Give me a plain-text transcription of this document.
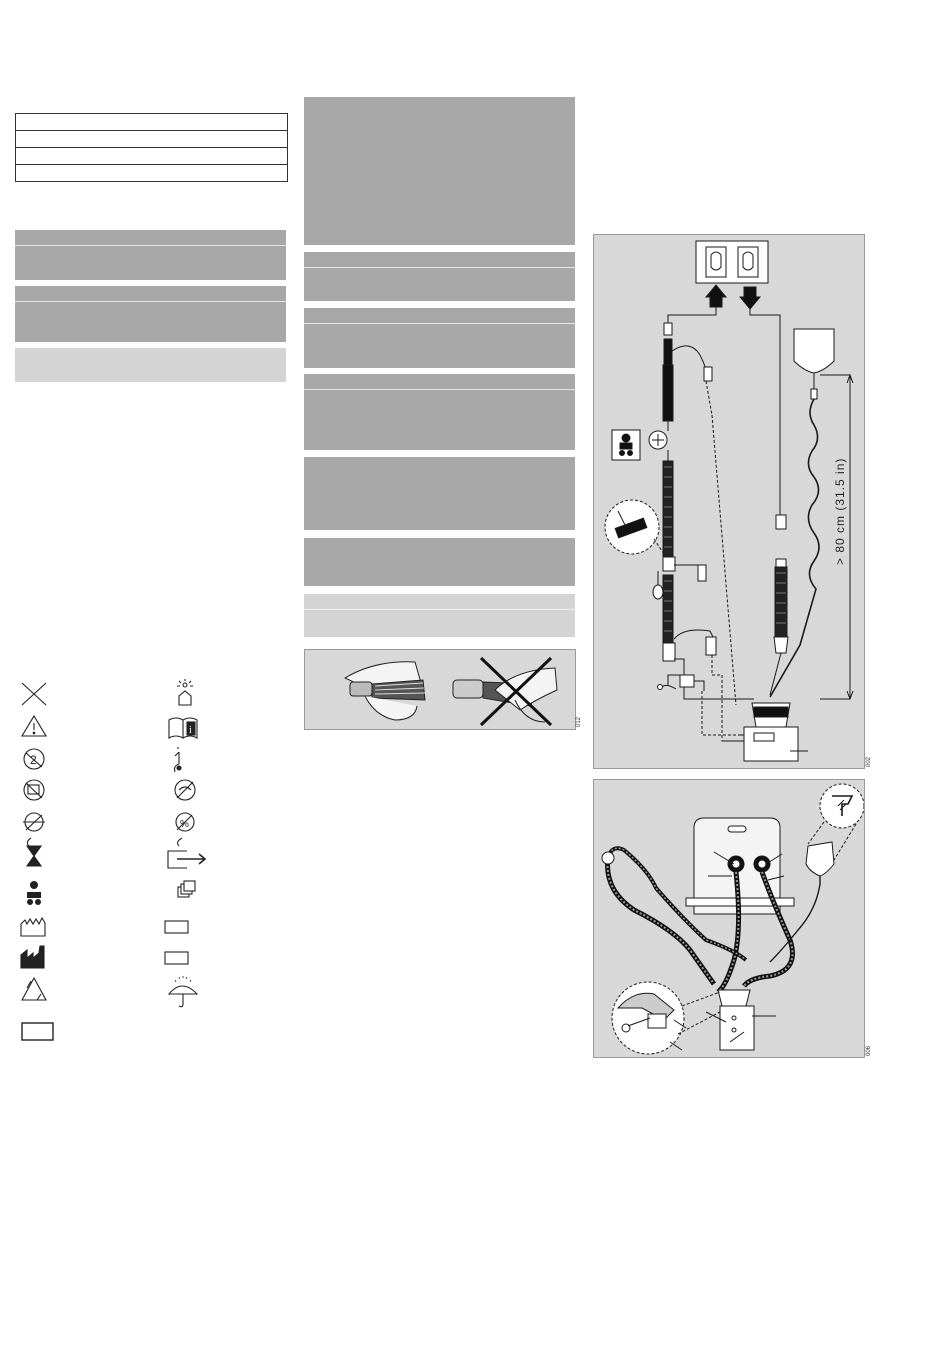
012
2
i
%
> 80 cm (31.5 in)
002
006
